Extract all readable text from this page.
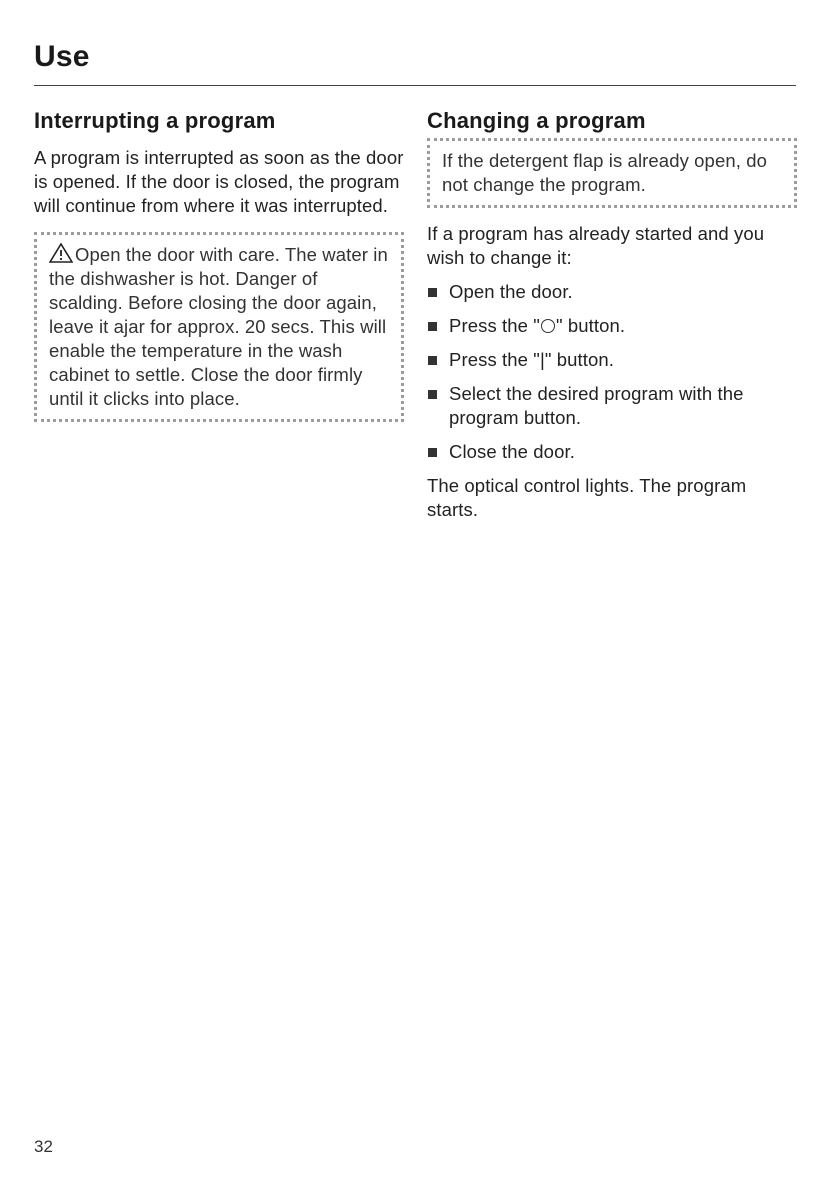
Use
Interrupting a program

A program is interrupted as soon as the door is opened. If the door is closed, the program will continue from where it was interrupted.

Open the door with care. The water in the dishwasher is hot. Danger of scalding. Before closing the door again, leave it ajar for approx. 20 secs. This will enable the temperature in the wash cabinet to settle. Close the door firmly until it clicks into place.

Changing a program

If the detergent flap is already open, do not change the program.

If a program has already started and you wish to change it:

Open the door.
Press the " " button.
Press the "|" button.
Select the desired program with the program button.
Close the door.

The optical control lights. The program starts.

32
